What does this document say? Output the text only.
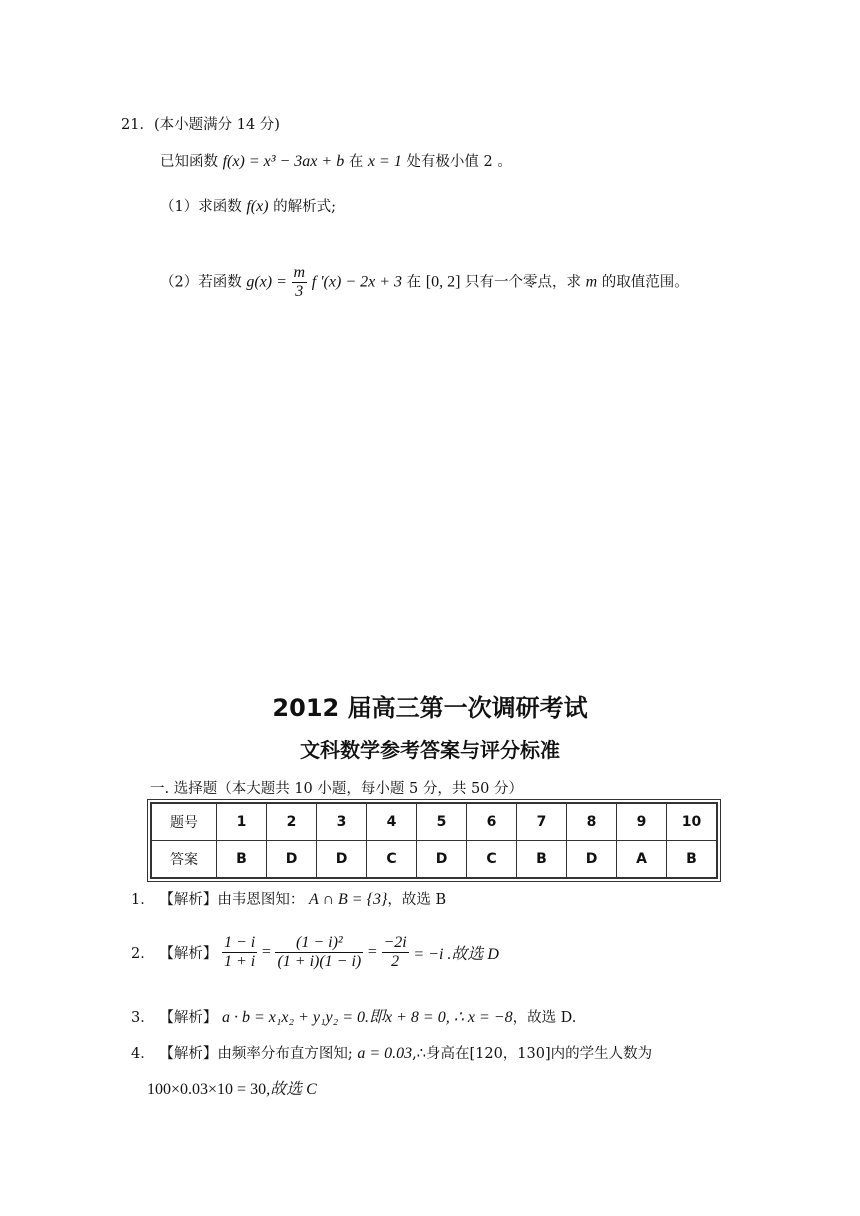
21．(本小题满分 14 分)
已知函数 f(x) = x³ − 3ax + b 在 x = 1 处有极小值 2 。
（1）求函数 f(x) 的解析式;
（2）若函数 $g(x) = \frac{m}{3}$ f '(x) − 2x + 3 在 [0, 2] 只有一个零点，求 m 的取值范围。
2012 届高三第一次调研考试
文科数学参考答案与评分标准
一. 选择题（本大题共 10 小题，每小题 5 分，共 50 分）
题号	1	2	3	4	5	6	7	8	9	10
答案	B	D	D	C	D	C	B	D	A	B
1． 【解析】由韦恩图知： A ∩ B = {3}，故选 B
2． 【解析】 $\frac{1 - i}{1 + i} = \frac{\text{(1 − i)²}}{(1 + i)(1 - i)} = \frac{-2i}{2} = -i$ .故选 D
3． 【解析】 a · b = x₁x₂ + y₁y₂ = 0.即x + 8 = 0, ∴ x = −8，故选 D.
4． 【解析】由频率分布直方图知; a = 0.03,∴身高在[120，130]内的学生人数为
100×0.03×10 = 30,故选 C
